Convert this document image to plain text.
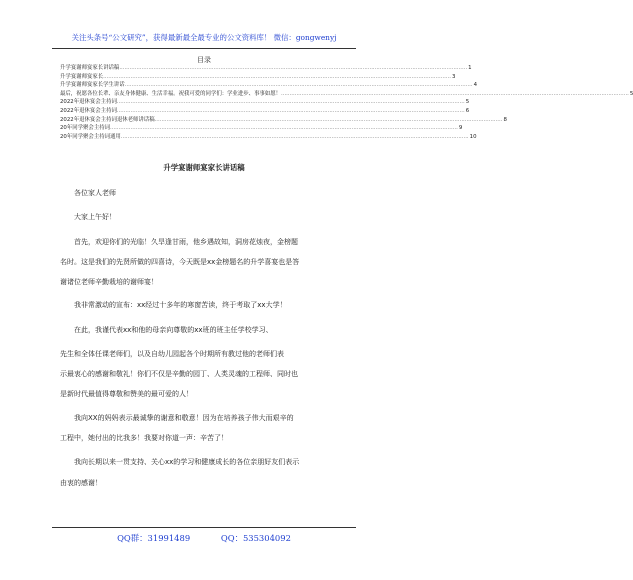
关注头条号“公文研究”，获得最新最全最专业的公文资料库！ 微信：gongwenyj
目录
升学宴谢师宴家长讲话稿 .....	1
升学宴谢师宴家长 .....	3
升学宴谢师宴家长学生讲话 .....	4
最后，祝愿各位长辈、亲友身体健康、生活幸福。祝我可爱的同学们：学业进步、事事如愿！ .....	5
2022年退休宴会主持词 .....	5
2022年退休宴会主持词 .....	6
2022年退休宴会主持词退休老师讲话稿 .....	8
20年同学聚会主持词 .....	9
20年同学聚会主持词通用 .....	10
升学宴谢师宴家长讲话稿
各位家人老师
大家上午好！
首先，欢迎你们的光临！久旱逢甘雨，他乡遇故知，洞房花烛夜，金榜题
名时。这是我们的先贤所做的四喜诗，今天既是xx金榜题名的升学喜宴也是答
谢诸位老师辛勤栽培的谢师宴！
我非常激动的宣布：xx经过十多年的寒窗苦读，终于考取了xx大学！
在此，我谨代表xx和他的母亲向尊敬的xx班的班主任学校学习、
先生和全体任课老师们，以及自幼儿园起各个时期所有教过他的老师们表
示最衷心的感谢和敬礼！你们不仅是辛勤的园丁、人类灵魂的工程师、同时也
是新时代最值得尊敬和赞美的最可爱的人！
我向XX的妈妈表示最诚挚的谢意和敬意！因为在培养孩子伟大而艰辛的
工程中，她付出的比我多！我要对你道一声：辛苦了！
我向长期以来一贯支持、关心xx的学习和健康成长的各位亲朋好友们表示
由衷的感谢！
QQ群：31991489	QQ：535304092
